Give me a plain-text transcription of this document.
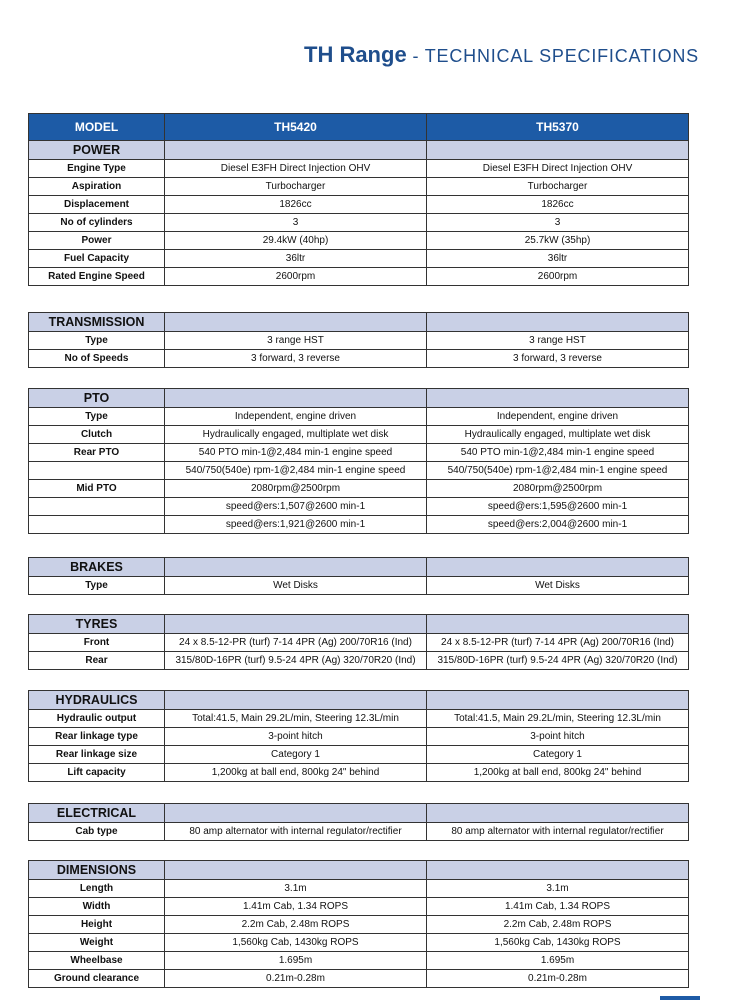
TH Range - TECHNICAL SPECIFICATIONS
MODEL	TH5420	TH5370
POWER		
Engine Type	Diesel E3FH Direct Injection OHV	Diesel E3FH Direct Injection OHV
Aspiration	Turbocharger	Turbocharger
Displacement	1826cc	1826cc
No of cylinders	3	3
Power	29.4kW (40hp)	25.7kW (35hp)
Fuel Capacity	36ltr	36ltr
Rated Engine Speed	2600rpm	2600rpm
TRANSMISSION		
Type	3 range HST	3 range HST
No of Speeds	3 forward, 3 reverse	3 forward, 3 reverse
PTO		
Type	Independent, engine driven	Independent, engine driven
Clutch	Hydraulically engaged, multiplate wet disk	Hydraulically engaged, multiplate wet disk
Rear PTO	540 PTO min-1@2,484 min-1 engine speed	540 PTO min-1@2,484 min-1 engine speed
	540/750(540e) rpm-1@2,484 min-1 engine speed	540/750(540e) rpm-1@2,484 min-1 engine speed
Mid PTO	2080rpm@2500rpm	2080rpm@2500rpm
	speed@ers:1,507@2600 min-1	speed@ers:1,595@2600 min-1
	speed@ers:1,921@2600 min-1	speed@ers:2,004@2600 min-1
BRAKES		
Type	Wet Disks	Wet Disks
TYRES		
Front	24 x 8.5-12-PR (turf) 7-14 4PR (Ag) 200/70R16 (Ind)	24 x 8.5-12-PR (turf) 7-14 4PR (Ag) 200/70R16 (Ind)
Rear	315/80D-16PR (turf) 9.5-24 4PR (Ag) 320/70R20 (Ind)	315/80D-16PR (turf) 9.5-24 4PR (Ag) 320/70R20 (Ind)
HYDRAULICS		
Hydraulic output	Total:41.5, Main 29.2L/min, Steering 12.3L/min	Total:41.5, Main 29.2L/min, Steering 12.3L/min
Rear linkage type	3-point hitch	3-point hitch
Rear linkage size	Category 1	Category 1
Lift capacity	1,200kg at ball end, 800kg 24" behind	1,200kg at ball end, 800kg 24" behind
ELECTRICAL		
Cab type	80 amp alternator with internal regulator/rectifier	80 amp alternator with internal regulator/rectifier
DIMENSIONS		
Length	3.1m	3.1m
Width	1.41m Cab, 1.34 ROPS	1.41m Cab, 1.34 ROPS
Height	2.2m Cab, 2.48m ROPS	2.2m Cab, 2.48m ROPS
Weight	1,560kg Cab, 1430kg ROPS	1,560kg Cab, 1430kg ROPS
Wheelbase	1.695m	1.695m
Ground clearance	0.21m-0.28m	0.21m-0.28m
